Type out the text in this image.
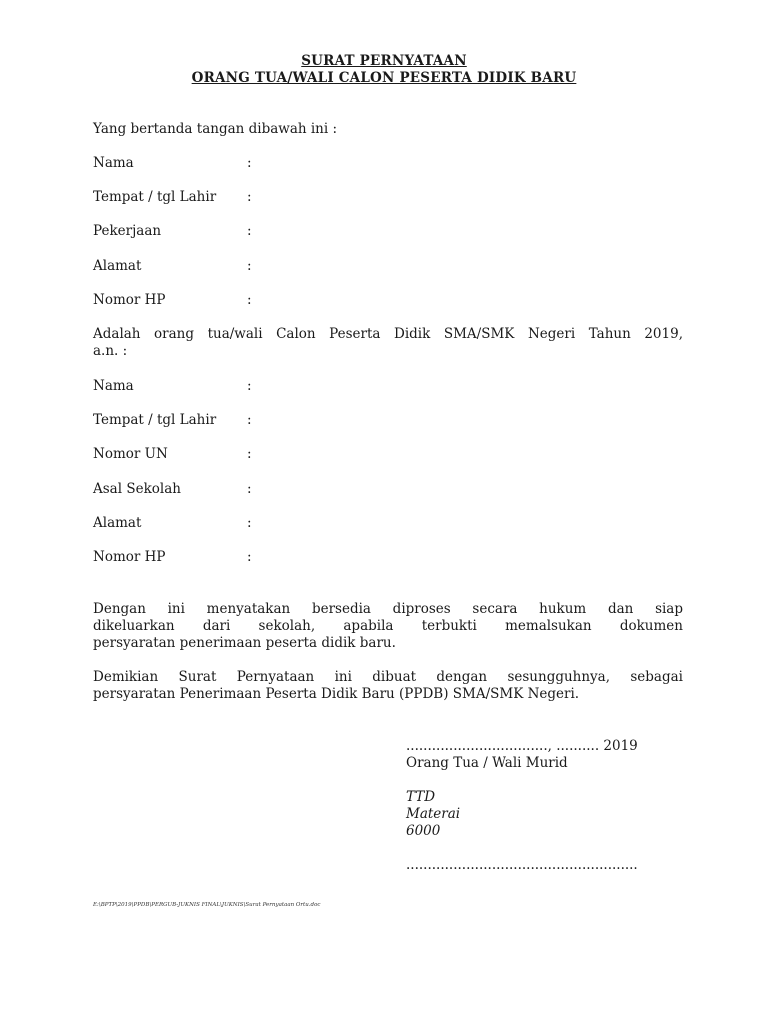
SURAT PERNYATAAN
ORANG TUA/WALI CALON PESERTA DIDIK BARU
Yang bertanda tangan dibawah ini :
Nama	:
Tempat / tgl Lahir :
Pekerjaan	:
Alamat	:
Nomor HP	:
Adalah orang tua/wali Calon Peserta Didik SMA/SMK Negeri Tahun 2019,
a.n. :
Nama	:
Tempat / tgl Lahir :
Nomor UN	:
Asal Sekolah	:
Alamat	:
Nomor HP	:
Dengan ini menyatakan bersedia diproses secara hukum dan siap
dikeluarkan dari sekolah, apabila terbukti memalsukan dokumen
persyaratan penerimaan peserta didik baru.
Demikian Surat Pernyataan ini dibuat dengan sesungguhnya, sebagai
persyaratan Penerimaan Peserta Didik Baru (PPDB) SMA/SMK Negeri.
................................., .......... 2019
Orang Tua / Wali Murid
TTD
Materai
6000
......................................................
E:\BPTP\2019\PPDB\PERGUB-JUKNIS FINAL\JUKNIS\Surat Pernyataan Ortu.doc
